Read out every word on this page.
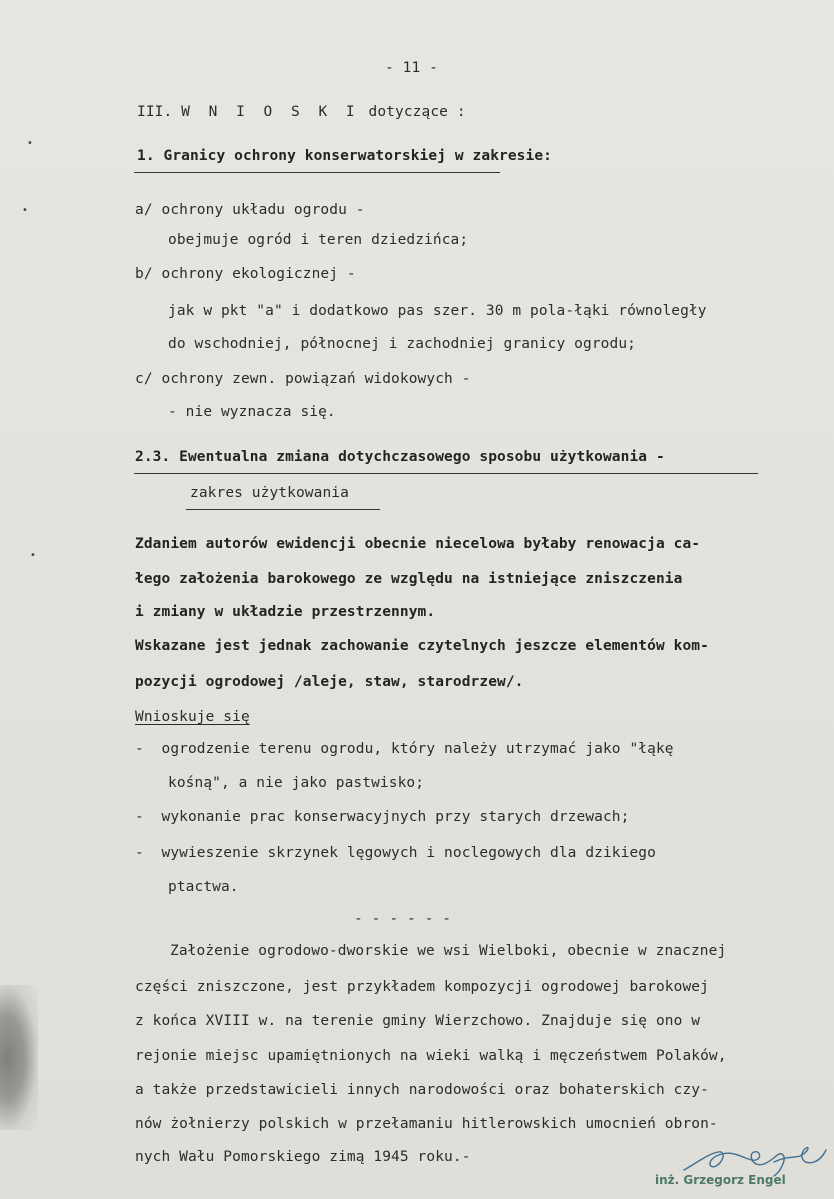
•
•
•
- 11 -
III. W N I O S K I dotyczące :
1. Granicy ochrony konserwatorskiej w zakresie:
a/ ochrony układu ogrodu -
obejmuje ogród i teren dziedzińca;
b/ ochrony ekologicznej -
jak w pkt "a" i dodatkowo pas szer. 30 m pola-łąki równoległy
do wschodniej, północnej i zachodniej granicy ogrodu;
c/ ochrony zewn. powiązań widokowych -
- nie wyznacza się.
2.3. Ewentualna zmiana dotychczasowego sposobu użytkowania -
zakres użytkowania
Zdaniem autorów ewidencji obecnie niecelowa byłaby renowacja ca-
łego założenia barokowego ze względu na istniejące zniszczenia
i zmiany w układzie przestrzennym.
Wskazane jest jednak zachowanie czytelnych jeszcze elementów kom-
pozycji ogrodowej /aleje, staw, starodrzew/.
Wnioskuje się
-  ogrodzenie terenu ogrodu, który należy utrzymać jako "łąkę
kośną", a nie jako pastwisko;
-  wykonanie prac konserwacyjnych przy starych drzewach;
-  wywieszenie skrzynek lęgowych i noclegowych dla dzikiego
ptactwa.
- - - - - -
Założenie ogrodowo-dworskie we wsi Wielboki, obecnie w znacznej
części zniszczone, jest przykładem kompozycji ogrodowej barokowej
z końca XVIII w. na terenie gminy Wierzchowo. Znajduje się ono w
rejonie miejsc upamiętnionych na wieki walką i męczeństwem Polaków,
a także przedstawicieli innych narodowości oraz bohaterskich czy-
nów żołnierzy polskich w przełamaniu hitlerowskich umocnień obron-
nych Wału Pomorskiego zimą 1945 roku.-
inż. Grzegorz Engel
